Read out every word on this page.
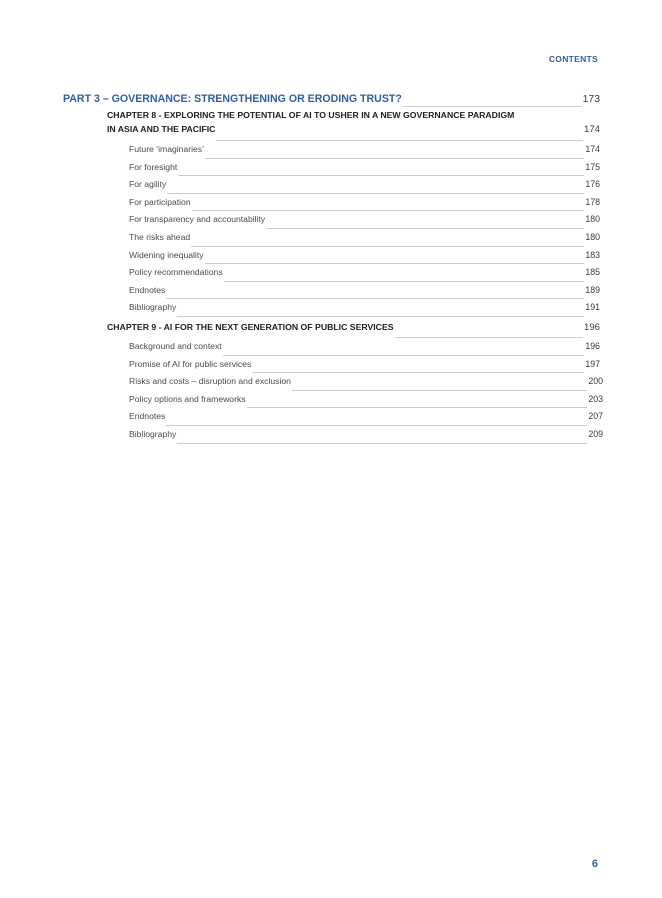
CONTENTS
PART 3 – GOVERNANCE: STRENGTHENING OR ERODING TRUST?	173
CHAPTER 8 - EXPLORING THE POTENTIAL OF AI TO USHER IN A NEW GOVERNANCE PARADIGM
IN ASIA AND THE PACIFIC	174
Future ‘imaginaries’	174
For foresight	175
For agility	176
For participation	178
For transparency and accountability	180
The risks ahead	180
Widening inequality	183
Policy recommendations	185
Endnotes	189
Bibliography	191
CHAPTER 9 - AI FOR THE NEXT GENERATION OF PUBLIC SERVICES	196
Background and context	196
Promise of AI for public services	197
Risks and costs – disruption and exclusion	200
Policy options and frameworks	203
Endnotes	207
Bibliography	209
6
